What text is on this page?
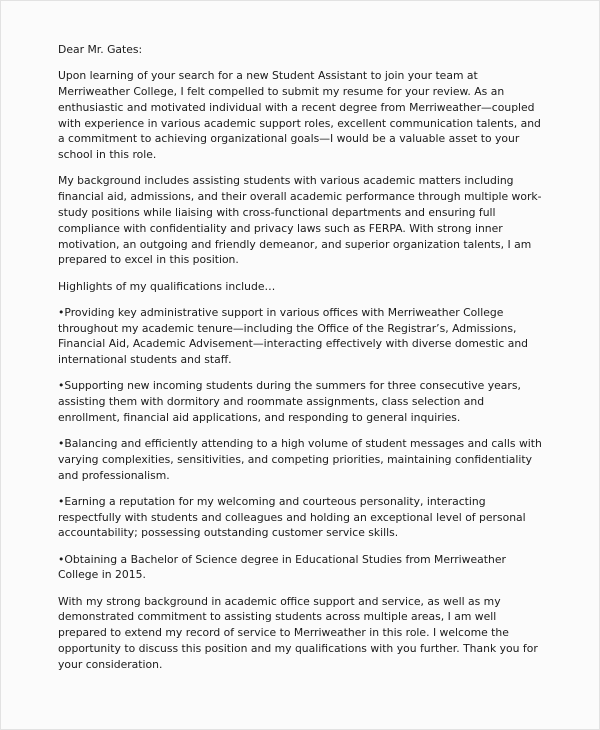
Dear Mr. Gates:

Upon learning of your search for a new Student Assistant to join your team at Merriweather College, I felt compelled to submit my resume for your review. As an enthusiastic and motivated individual with a recent degree from Merriweather—coupled with experience in various academic support roles, excellent communication talents, and a commitment to achieving organizational goals—I would be a valuable asset to your school in this role.

My background includes assisting students with various academic matters including financial aid, admissions, and their overall academic performance through multiple work-study positions while liaising with cross-functional departments and ensuring full compliance with confidentiality and privacy laws such as FERPA. With strong inner motivation, an outgoing and friendly demeanor, and superior organization talents, I am prepared to excel in this position.

Highlights of my qualifications include…

•Providing key administrative support in various offices with Merriweather College throughout my academic tenure—including the Office of the Registrar’s, Admissions, Financial Aid, Academic Advisement—interacting effectively with diverse domestic and international students and staff.

•Supporting new incoming students during the summers for three consecutive years, assisting them with dormitory and roommate assignments, class selection and enrollment, financial aid applications, and responding to general inquiries.

•Balancing and efficiently attending to a high volume of student messages and calls with varying complexities, sensitivities, and competing priorities, maintaining confidentiality and professionalism.

•Earning a reputation for my welcoming and courteous personality, interacting respectfully with students and colleagues and holding an exceptional level of personal accountability; possessing outstanding customer service skills.

•Obtaining a Bachelor of Science degree in Educational Studies from Merriweather College in 2015.

With my strong background in academic office support and service, as well as my demonstrated commitment to assisting students across multiple areas, I am well prepared to extend my record of service to Merriweather in this role. I welcome the opportunity to discuss this position and my qualifications with you further. Thank you for your consideration.
